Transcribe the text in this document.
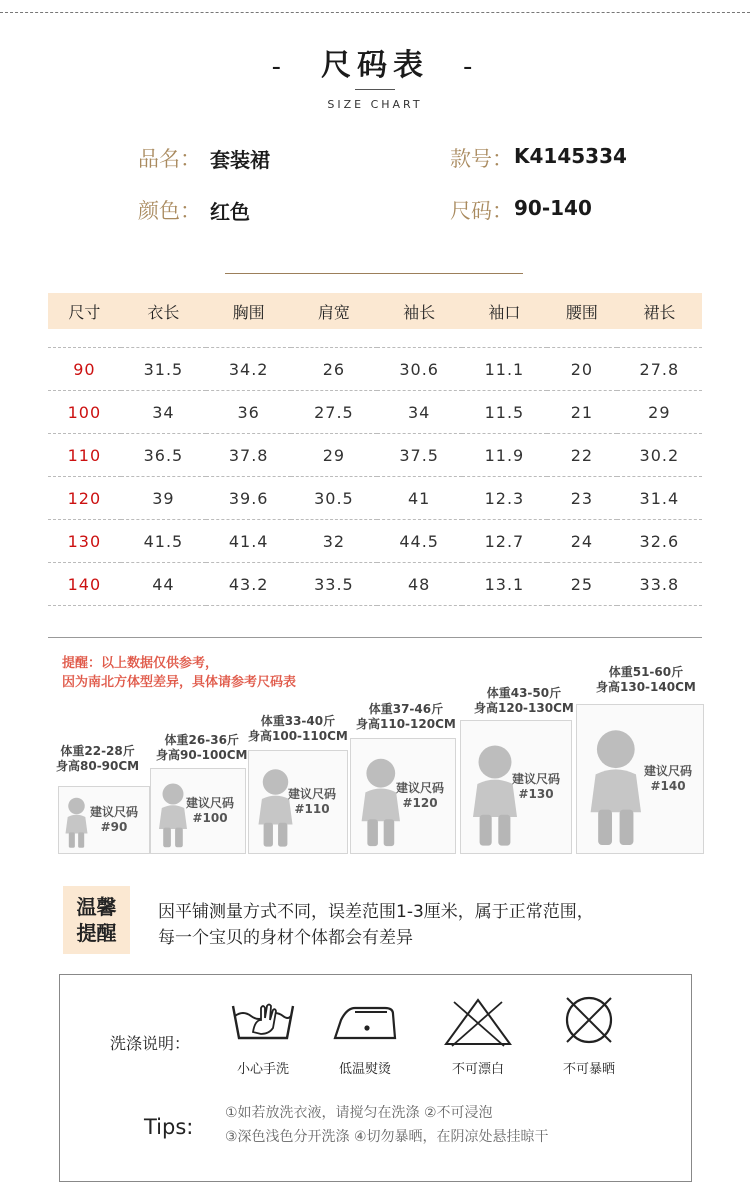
- 尺码表 -
SIZE CHART
品名： 套装裙	款号： K4145334
颜色： 红色	尺码： 90-140
尺寸	衣长	胸围	肩宽	袖长	袖口	腰围	裙长

90	31.5	34.2	26	30.6	11.1	20	27.8
100	34	36	27.5	34	11.5	21	29
110	36.5	37.8	29	37.5	11.9	22	30.2
120	39	39.6	30.5	41	12.3	23	31.4
130	41.5	41.4	32	44.5	12.7	24	32.6
140	44	43.2	33.5	48	13.1	25	33.8
提醒：以上数据仅供参考，
因为南北方体型差异，具体请参考尺码表
体重22-28斤
身高80-90CM
建议尺码
#90
体重26-36斤
身高90-100CM
建议尺码
#100
体重33-40斤
身高100-110CM
建议尺码
#110
体重37-46斤
身高110-120CM
建议尺码
#120
体重43-50斤
身高120-130CM
建议尺码
#130
体重51-60斤
身高130-140CM
建议尺码
#140
温馨
提醒
因平铺测量方式不同，误差范围1-3厘米，属于正常范围，
每一个宝贝的身材个体都会有差异
洗涤说明：
小心手洗	低温熨烫	不可漂白	不可暴晒
Tips:
①如若放洗衣液，请搅匀在洗涤 ②不可浸泡
③深色浅色分开洗涤 ④切勿暴晒，在阴凉处悬挂晾干
